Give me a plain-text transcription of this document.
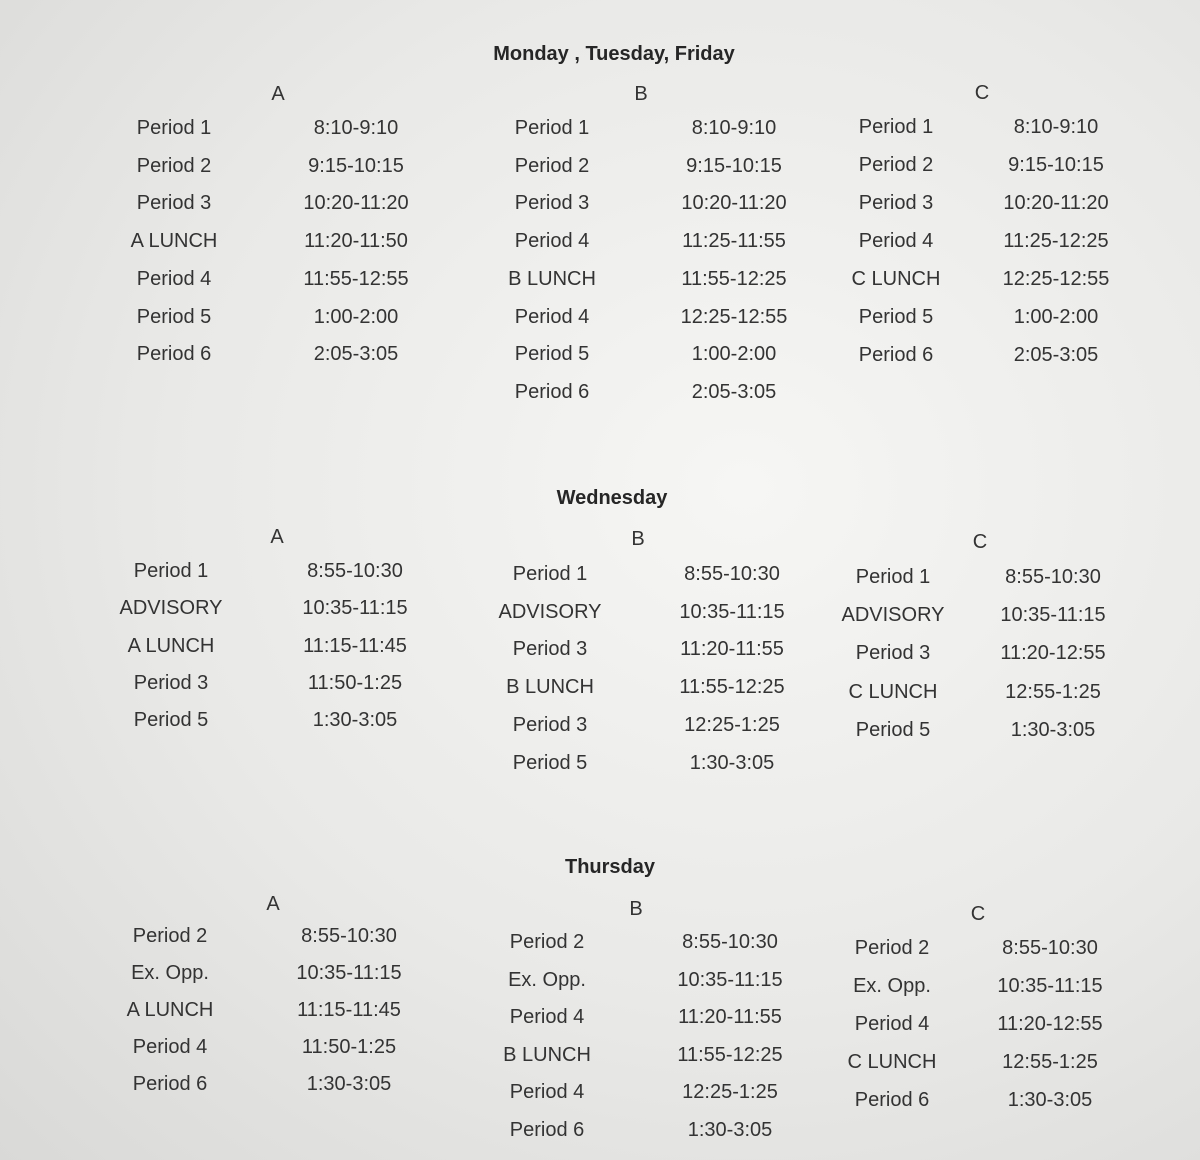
Monday , Tuesday, Friday
A
Period 1	8:10-9:10
Period 2	9:15-10:15
Period 3	10:20-11:20
A LUNCH	11:20-11:50
Period 4	11:55-12:55
Period 5	1:00-2:00
Period 6	2:05-3:05
B
Period 1	8:10-9:10
Period 2	9:15-10:15
Period 3	10:20-11:20
Period 4	11:25-11:55
B LUNCH	11:55-12:25
Period 4	12:25-12:55
Period 5	1:00-2:00
Period 6	2:05-3:05
C
Period 1	8:10-9:10
Period 2	9:15-10:15
Period 3	10:20-11:20
Period 4	11:25-12:25
C LUNCH	12:25-12:55
Period 5	1:00-2:00
Period 6	2:05-3:05
Wednesday
A
Period 1	8:55-10:30
ADVISORY	10:35-11:15
A LUNCH	11:15-11:45
Period 3	11:50-1:25
Period 5	1:30-3:05
B
Period 1	8:55-10:30
ADVISORY	10:35-11:15
Period 3	11:20-11:55
B LUNCH	11:55-12:25
Period 3	12:25-1:25
Period 5	1:30-3:05
C
Period 1	8:55-10:30
ADVISORY	10:35-11:15
Period 3	11:20-12:55
C LUNCH	12:55-1:25
Period 5	1:30-3:05
Thursday
A
Period 2	8:55-10:30
Ex. Opp.	10:35-11:15
A LUNCH	11:15-11:45
Period 4	11:50-1:25
Period 6	1:30-3:05
B
Period 2	8:55-10:30
Ex. Opp.	10:35-11:15
Period 4	11:20-11:55
B LUNCH	11:55-12:25
Period 4	12:25-1:25
Period 6	1:30-3:05
C
Period 2	8:55-10:30
Ex. Opp.	10:35-11:15
Period 4	11:20-12:55
C LUNCH	12:55-1:25
Period 6	1:30-3:05
